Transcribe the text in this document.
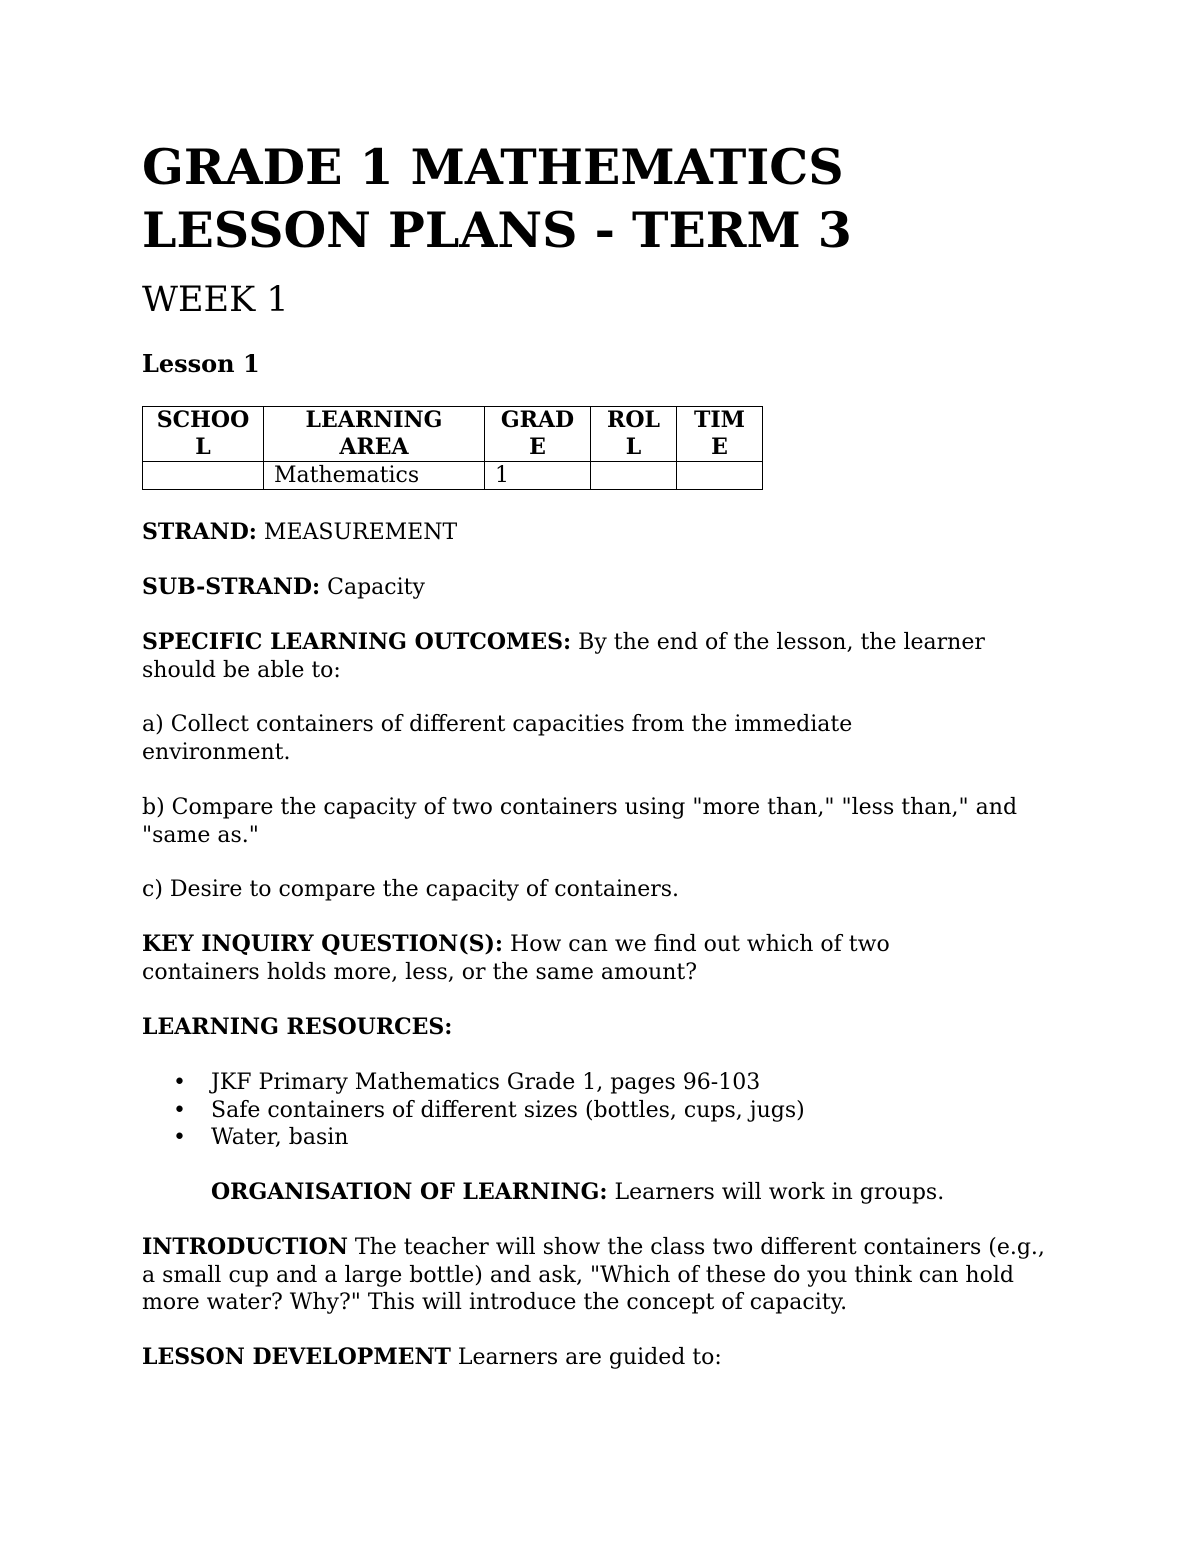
GRADE 1 MATHEMATICS LESSON PLANS - TERM 3
WEEK 1
Lesson 1
SCHOOL	LEARNING AREA	GRADE	ROLL	TIME

	Mathematics	1		

STRAND: MEASUREMENT

SUB-STRAND: Capacity

SPECIFIC LEARNING OUTCOMES: By the end of the lesson, the learner should be able to:

a) Collect containers of different capacities from the immediate environment.

b) Compare the capacity of two containers using "more than," "less than," and "same as."

c) Desire to compare the capacity of containers.

KEY INQUIRY QUESTION(S): How can we find out which of two containers holds more, less, or the same amount?

LEARNING RESOURCES:

• JKF Primary Mathematics Grade 1, pages 96-103
• Safe containers of different sizes (bottles, cups, jugs)
• Water, basin

ORGANISATION OF LEARNING: Learners will work in groups.

INTRODUCTION The teacher will show the class two different containers (e.g., a small cup and a large bottle) and ask, "Which of these do you think can hold more water? Why?" This will introduce the concept of capacity.

LESSON DEVELOPMENT Learners are guided to:
